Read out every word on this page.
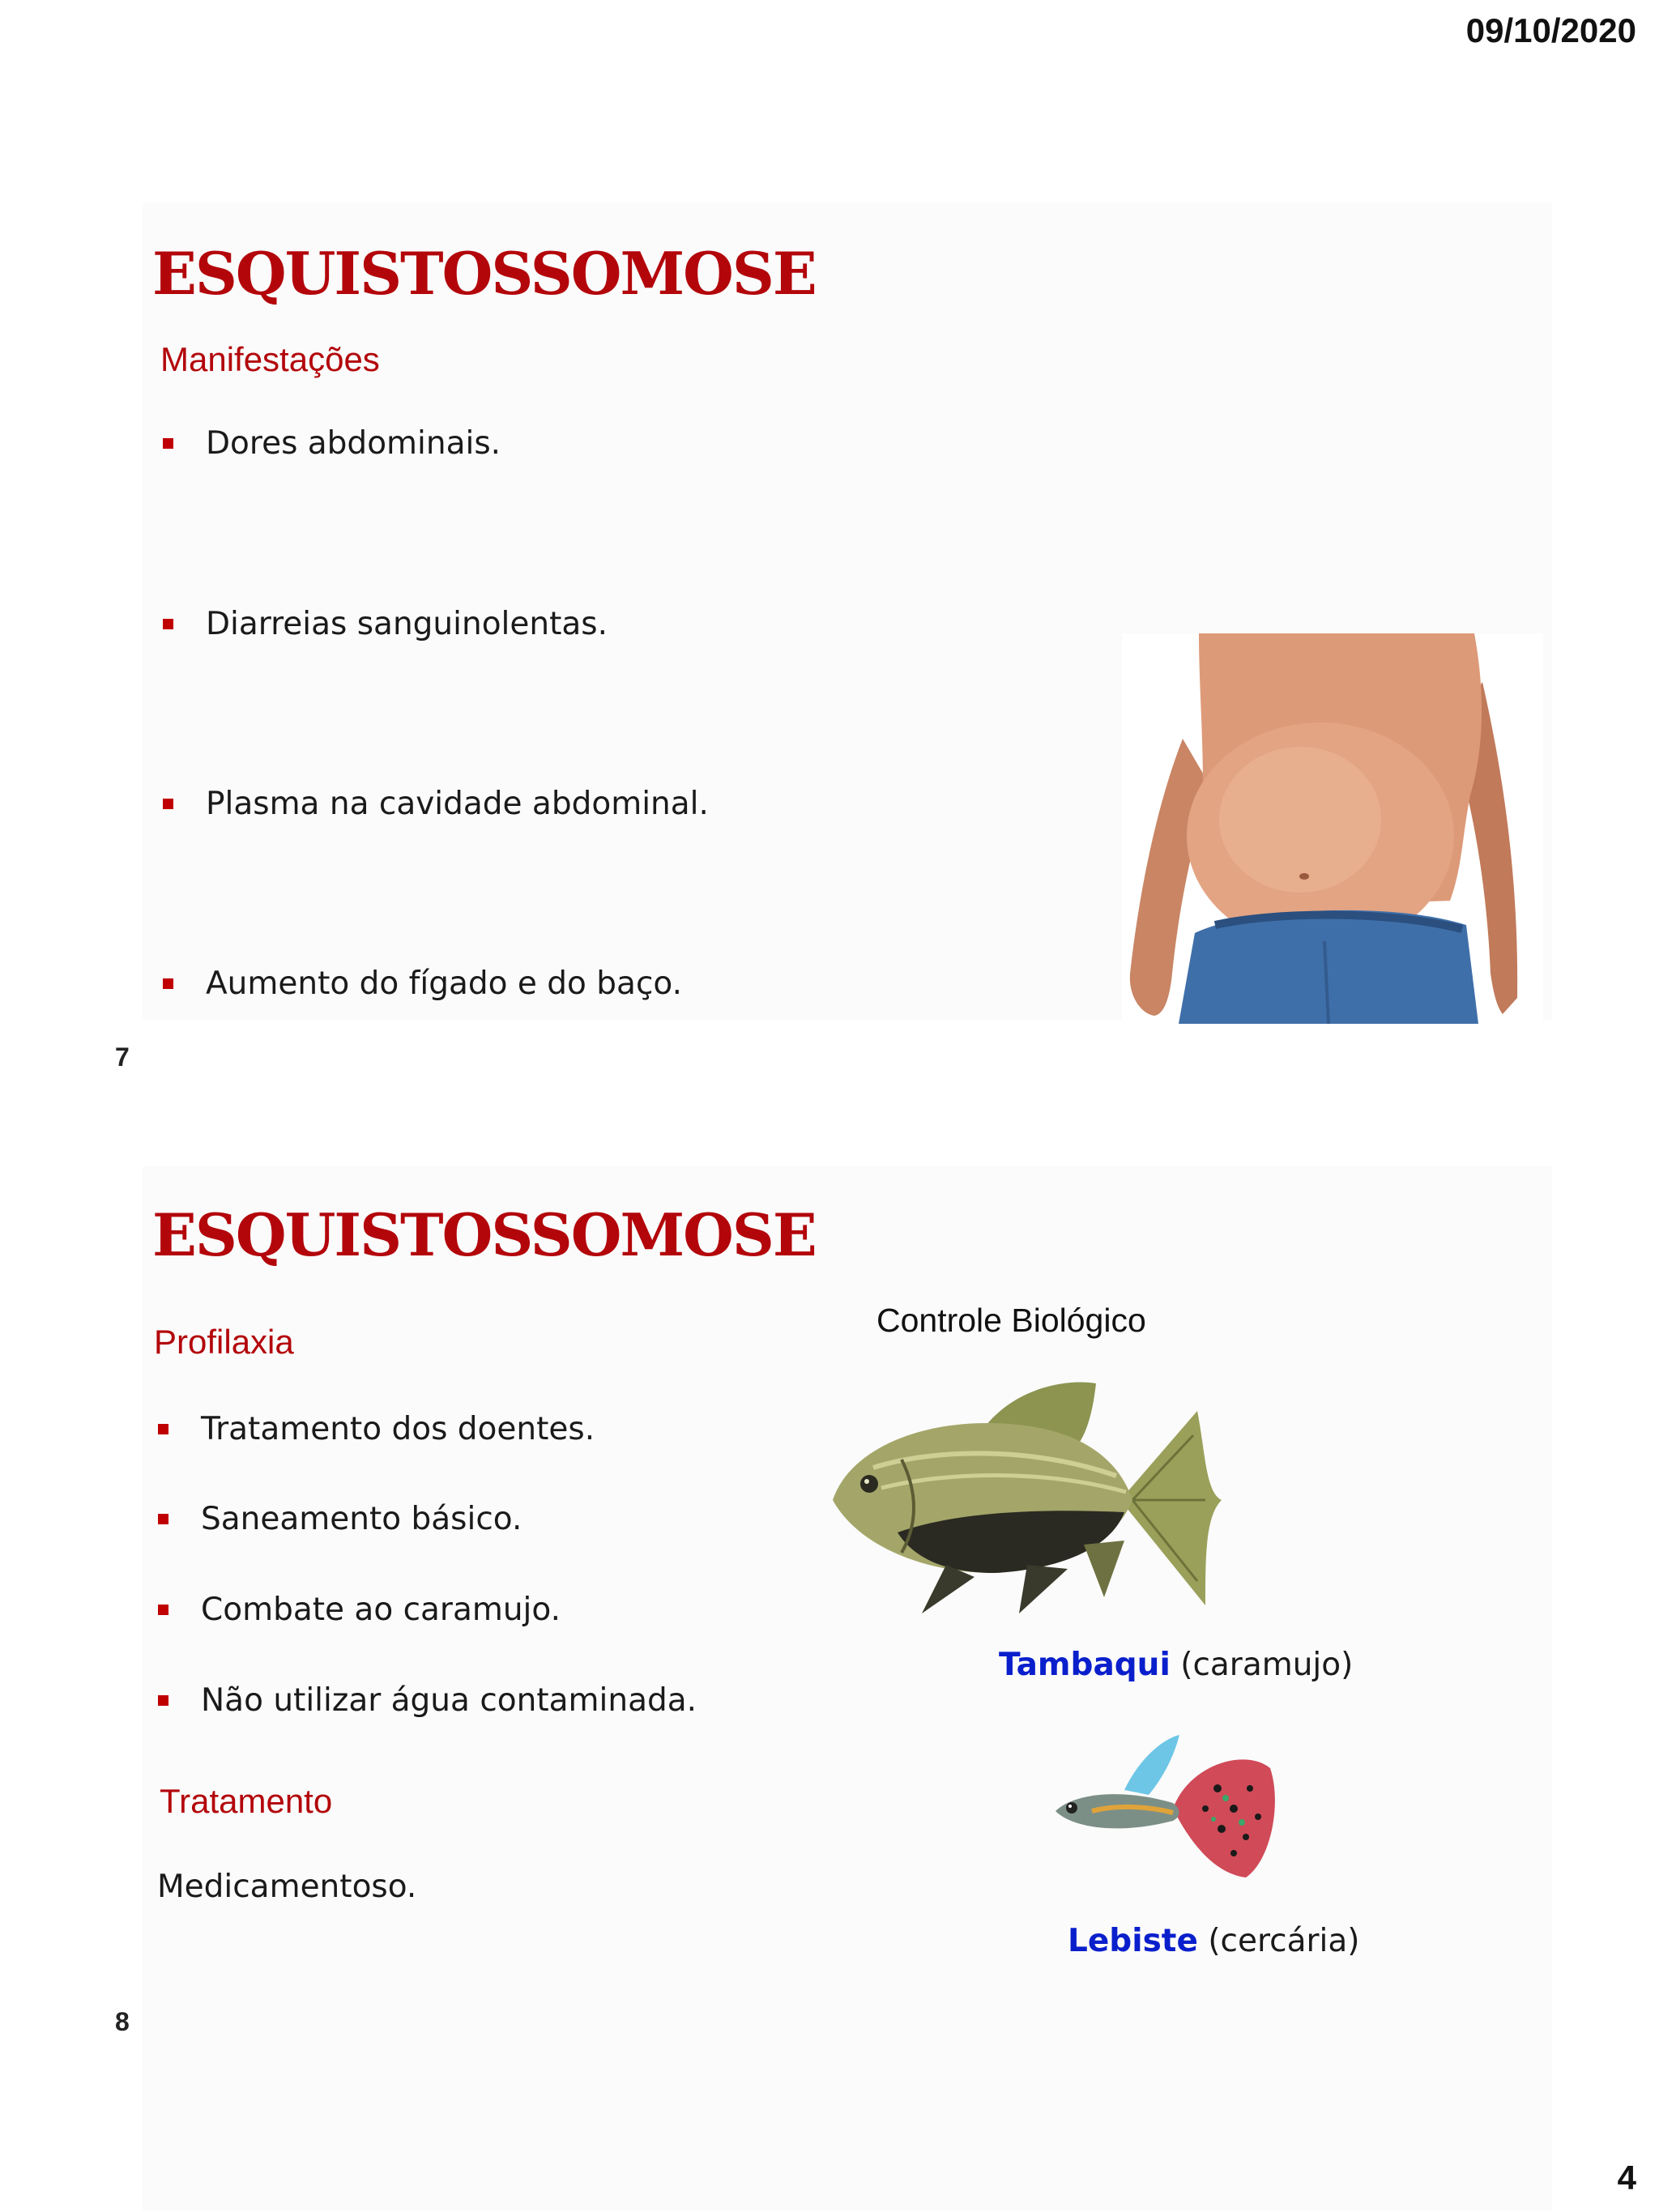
09/10/2020
4
ESQUISTOSSOMOSE
Manifestações
Dores abdominais.
Diarreias sanguinolentas.
Plasma na cavidade abdominal.
Aumento do fígado e do baço.
7
ESQUISTOSSOMOSE
Profilaxia
Tratamento dos doentes.
Saneamento básico.
Combate ao caramujo.
Não utilizar água contaminada.
Tratamento
Medicamentoso.
Controle Biológico
Tambaqui (caramujo)
Lebiste (cercária)
8
